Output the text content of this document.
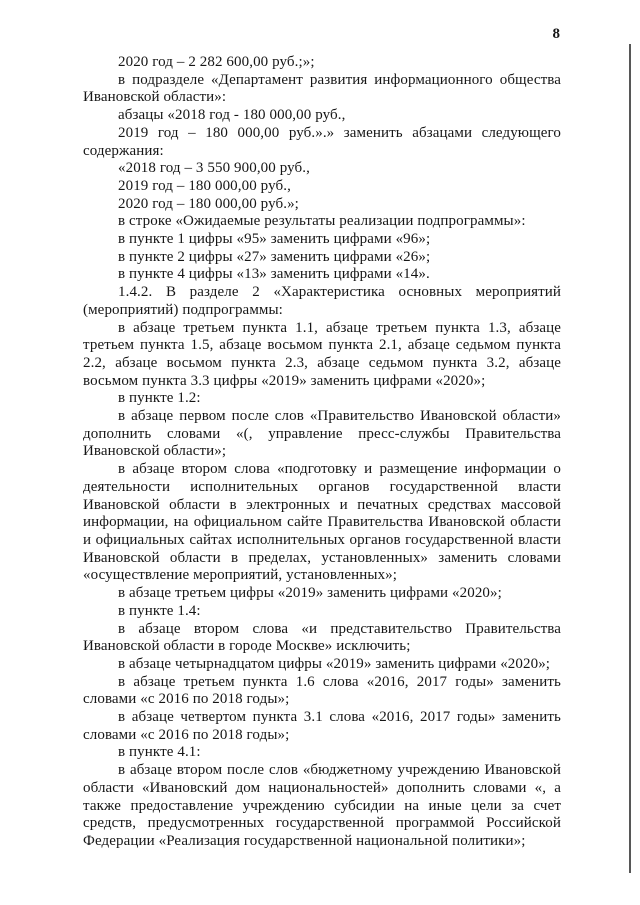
8

2020 год – 2 282 600,00 руб.;»;

в подразделе «Департамент развития информационного общества Ивановской области»:

абзацы «2018 год - 180 000,00 руб.,

2019 год – 180 000,00 руб.».» заменить абзацами следующего содержания:

«2018 год – 3 550 900,00 руб.,

2019 год – 180 000,00 руб.,

2020 год – 180 000,00 руб.»;

в строке «Ожидаемые результаты реализации подпрограммы»:

в пункте 1 цифры «95» заменить цифрами «96»;

в пункте 2 цифры «27» заменить цифрами «26»;

в пункте 4 цифры «13» заменить цифрами «14».

1.4.2. В разделе 2 «Характеристика основных мероприятий (мероприятий) подпрограммы:

в абзаце третьем пункта 1.1, абзаце третьем пункта 1.3, абзаце третьем пункта 1.5, абзаце восьмом пункта 2.1, абзаце седьмом пункта 2.2, абзаце восьмом пункта 2.3, абзаце седьмом пункта 3.2, абзаце восьмом пункта 3.3 цифры «2019» заменить цифрами «2020»;

в пункте 1.2:

в абзаце первом после слов «Правительство Ивановской области» дополнить словами «(, управление пресс-службы Правительства Ивановской области»;

в абзаце втором слова «подготовку и размещение информации о деятельности исполнительных органов государственной власти Ивановской области в электронных и печатных средствах массовой информации, на официальном сайте Правительства Ивановской области и официальных сайтах исполнительных органов государственной власти Ивановской области в пределах, установленных» заменить словами «осуществление мероприятий, установленных»;

в абзаце третьем цифры «2019» заменить цифрами «2020»;

в пункте 1.4:

в абзаце втором слова «и представительство Правительства Ивановской области в городе Москве» исключить;

в абзаце четырнадцатом цифры «2019» заменить цифрами «2020»;

в абзаце третьем пункта 1.6 слова «2016, 2017 годы» заменить словами «с 2016 по 2018 годы»;

в абзаце четвертом пункта 3.1 слова «2016, 2017 годы» заменить словами «с 2016 по 2018 годы»;

в пункте 4.1:

в абзаце втором после слов «бюджетному учреждению Ивановской области «Ивановский дом национальностей» дополнить словами «, а также предоставление учреждению субсидии на иные цели за счет средств, предусмотренных государственной программой Российской Федерации «Реализация государственной национальной политики»;
